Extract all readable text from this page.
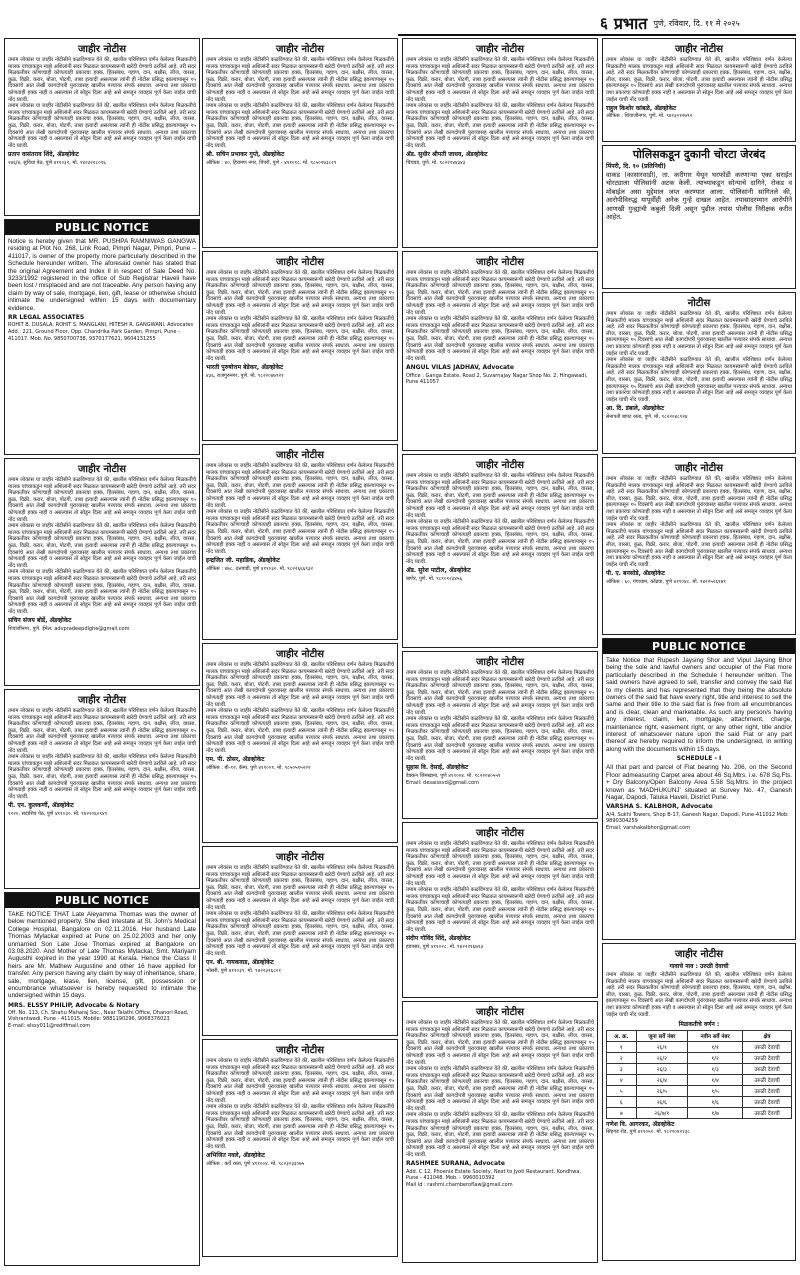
६ प्रभात पुणे, रविवार, दि. ११ मे २०२५
जाहीर नोटीस

तमाम लोकांस या जाहीर नोटीसीने कळविण्यात येते की, खालील परिशिष्टात वर्णन केलेल्या मिळकतीचे मालक यांच्याकडून माझे अशिलांनी सदर मिळकत कायमस्वरूपी खरेदी घेण्याचे ठरविले आहे. तरी सदर मिळकतीवर कोणाचाही कोणत्याही प्रकारचा हक्क, हितसंबंध, गहाण, दान, बक्षीस, लीज, वारसा, कुळ, विक्री, करार, बोजा, पोटगी, ताबा इत्यादी असल्यास त्यांनी ही नोटीस प्रसिद्ध झाल्यापासून १५ दिवसांचे आत लेखी कागदोपत्री पुराव्यासह खालील पत्त्यावर संपर्क साधावा. अन्यथा तशा प्रकारचा कोणताही हक्क नाही व असल्यास तो सोडून दिला आहे असे समजून व्यवहार पूर्ण केला जाईल याची नोंद घ्यावी.

तमाम लोकांस या जाहीर नोटीसीने कळविण्यात येते की, खालील परिशिष्टात वर्णन केलेल्या मिळकतीचे मालक यांच्याकडून माझे अशिलांनी सदर मिळकत कायमस्वरूपी खरेदी घेण्याचे ठरविले आहे. तरी सदर मिळकतीवर कोणाचाही कोणत्याही प्रकारचा हक्क, हितसंबंध, गहाण, दान, बक्षीस, लीज, वारसा, कुळ, विक्री, करार, बोजा, पोटगी, ताबा इत्यादी असल्यास त्यांनी ही नोटीस प्रसिद्ध झाल्यापासून १५ दिवसांचे आत लेखी कागदोपत्री पुराव्यासह खालील पत्त्यावर संपर्क साधावा. अन्यथा तशा प्रकारचा कोणताही हक्क नाही व असल्यास तो सोडून दिला आहे असे समजून व्यवहार पूर्ण केला जाईल याची नोंद घ्यावी.

प्रताप वासंतराव शिंदे, ॲडव्होकेट
२४६/४, सुविधा पेठ, पुणे ४११०३२, मो. ९४२३२२८०१६
PUBLIC NOTICE

Notice is hereby given that MR. PUSHPA RAMNIWAS GANGWA residing at Plot No. 268, Link Road, Pimpri Nagar, Pimpri, Pune – 411017, is owner of the property more particularly described in the Schedule hereunder written. The aforesaid owner has stated that the original Agreement and Index II in respect of Sale Deed No. 3233/1992 registered in the office of Sub Registrar Haveli have been lost / misplaced and are not traceable. Any person having any claim by way of sale, mortgage, lien, gift, lease or otherwise should intimate the undersigned within 15 days with documentary evidence.

RR LEGAL ASSOCIATES
ROHIT B. DUSALA, ROHIT S. MANGLANI, HITESH R. GANGWANI, Advocates
Add.: 221, Ground Floor, Opp. Chandrika Park Garden, Pimpri, Pune - 411017. Mob. No. 9850700738, 9370177621, 9604131255
जाहीर नोटीस

तमाम लोकांस या जाहीर नोटीसीने कळविण्यात येते की, खालील परिशिष्टात वर्णन केलेल्या मिळकतीचे मालक यांच्याकडून माझे अशिलांनी सदर मिळकत कायमस्वरूपी खरेदी घेण्याचे ठरविले आहे. तरी सदर मिळकतीवर कोणाचाही कोणत्याही प्रकारचा हक्क, हितसंबंध, गहाण, दान, बक्षीस, लीज, वारसा, कुळ, विक्री, करार, बोजा, पोटगी, ताबा इत्यादी असल्यास त्यांनी ही नोटीस प्रसिद्ध झाल्यापासून १५ दिवसांचे आत लेखी कागदोपत्री पुराव्यासह खालील पत्त्यावर संपर्क साधावा. अन्यथा तशा प्रकारचा कोणताही हक्क नाही व असल्यास तो सोडून दिला आहे असे समजून व्यवहार पूर्ण केला जाईल याची नोंद घ्यावी.

तमाम लोकांस या जाहीर नोटीसीने कळविण्यात येते की, खालील परिशिष्टात वर्णन केलेल्या मिळकतीचे मालक यांच्याकडून माझे अशिलांनी सदर मिळकत कायमस्वरूपी खरेदी घेण्याचे ठरविले आहे. तरी सदर मिळकतीवर कोणाचाही कोणत्याही प्रकारचा हक्क, हितसंबंध, गहाण, दान, बक्षीस, लीज, वारसा, कुळ, विक्री, करार, बोजा, पोटगी, ताबा इत्यादी असल्यास त्यांनी ही नोटीस प्रसिद्ध झाल्यापासून १५ दिवसांचे आत लेखी कागदोपत्री पुराव्यासह खालील पत्त्यावर संपर्क साधावा. अन्यथा तशा प्रकारचा कोणताही हक्क नाही व असल्यास तो सोडून दिला आहे असे समजून व्यवहार पूर्ण केला जाईल याची नोंद घ्यावी.

तमाम लोकांस या जाहीर नोटीसीने कळविण्यात येते की, खालील परिशिष्टात वर्णन केलेल्या मिळकतीचे मालक यांच्याकडून माझे अशिलांनी सदर मिळकत कायमस्वरूपी खरेदी घेण्याचे ठरविले आहे. तरी सदर मिळकतीवर कोणाचाही कोणत्याही प्रकारचा हक्क, हितसंबंध, गहाण, दान, बक्षीस, लीज, वारसा, कुळ, विक्री, करार, बोजा, पोटगी, ताबा इत्यादी असल्यास त्यांनी ही नोटीस प्रसिद्ध झाल्यापासून १५ दिवसांचे आत लेखी कागदोपत्री पुराव्यासह खालील पत्त्यावर संपर्क साधावा. अन्यथा तशा प्रकारचा कोणताही हक्क नाही व असल्यास तो सोडून दिला आहे असे समजून व्यवहार पूर्ण केला जाईल याची नोंद घ्यावी.

सचिन संजय बोर्डे, ॲडव्होकेट
शिवाजीनगर, पुणे. ईमेल: advpradeepdighe@gmail.com
जाहीर नोटीस

तमाम लोकांस या जाहीर नोटीसीने कळविण्यात येते की, खालील परिशिष्टात वर्णन केलेल्या मिळकतीचे मालक यांच्याकडून माझे अशिलांनी सदर मिळकत कायमस्वरूपी खरेदी घेण्याचे ठरविले आहे. तरी सदर मिळकतीवर कोणाचाही कोणत्याही प्रकारचा हक्क, हितसंबंध, गहाण, दान, बक्षीस, लीज, वारसा, कुळ, विक्री, करार, बोजा, पोटगी, ताबा इत्यादी असल्यास त्यांनी ही नोटीस प्रसिद्ध झाल्यापासून १५ दिवसांचे आत लेखी कागदोपत्री पुराव्यासह खालील पत्त्यावर संपर्क साधावा. अन्यथा तशा प्रकारचा कोणताही हक्क नाही व असल्यास तो सोडून दिला आहे असे समजून व्यवहार पूर्ण केला जाईल याची नोंद घ्यावी.

तमाम लोकांस या जाहीर नोटीसीने कळविण्यात येते की, खालील परिशिष्टात वर्णन केलेल्या मिळकतीचे मालक यांच्याकडून माझे अशिलांनी सदर मिळकत कायमस्वरूपी खरेदी घेण्याचे ठरविले आहे. तरी सदर मिळकतीवर कोणाचाही कोणत्याही प्रकारचा हक्क, हितसंबंध, गहाण, दान, बक्षीस, लीज, वारसा, कुळ, विक्री, करार, बोजा, पोटगी, ताबा इत्यादी असल्यास त्यांनी ही नोटीस प्रसिद्ध झाल्यापासून १५ दिवसांचे आत लेखी कागदोपत्री पुराव्यासह खालील पत्त्यावर संपर्क साधावा. अन्यथा तशा प्रकारचा कोणताही हक्क नाही व असल्यास तो सोडून दिला आहे असे समजून व्यवहार पूर्ण केला जाईल याची नोंद घ्यावी.

पी. एन. कुलकर्णी, ॲडव्होकेट
१२२०, सदाशिव पेठ, पुणे ४११०३०. मो. ९४२२०६०९४९
PUBLIC NOTICE

TAKE NOTICE THAT Late Aleyamma Thomas was the owner of below mentioned property. She died intestate at St. John's Medical College Hospital, Bangalore on 02.11.2016. Her husband Late Thomas Mylackal expired at Pune on 25.02.2003 and her only unmarried Son Late Jose Thomas expired at Bangalore on 03.08.2020. And Mother of Late Thomas Mylackal, Smt. Mariyam Augusthi expired in the year 1990 at Kerala. Hence the Class II heirs are Mr. Mathew Augustine and other 16 have applied for transfer. Any person having any claim by way of inheritance, share, sale, mortgage, lease, lien, license, gift, possession or encumbrance whatsoever is hereby requested to intimate the undersigned within 15 days.

MRS. ELSSY PHILIP, Advocate & Notary
Off. No. 113, Ch. Shahu Maharaj Soc., Near Talathi Office, Dhanori Road, Vishrantwadi, Pune - 411015. Mobile: 9881190296, 9068376023
E-mail: elssy011@rediffmail.com
जाहीर नोटीस

तमाम लोकांस या जाहीर नोटीसीने कळविण्यात येते की, खालील परिशिष्टात वर्णन केलेल्या मिळकतीचे मालक यांच्याकडून माझे अशिलांनी सदर मिळकत कायमस्वरूपी खरेदी घेण्याचे ठरविले आहे. तरी सदर मिळकतीवर कोणाचाही कोणत्याही प्रकारचा हक्क, हितसंबंध, गहाण, दान, बक्षीस, लीज, वारसा, कुळ, विक्री, करार, बोजा, पोटगी, ताबा इत्यादी असल्यास त्यांनी ही नोटीस प्रसिद्ध झाल्यापासून १५ दिवसांचे आत लेखी कागदोपत्री पुराव्यासह खालील पत्त्यावर संपर्क साधावा. अन्यथा तशा प्रकारचा कोणताही हक्क नाही व असल्यास तो सोडून दिला आहे असे समजून व्यवहार पूर्ण केला जाईल याची नोंद घ्यावी.

तमाम लोकांस या जाहीर नोटीसीने कळविण्यात येते की, खालील परिशिष्टात वर्णन केलेल्या मिळकतीचे मालक यांच्याकडून माझे अशिलांनी सदर मिळकत कायमस्वरूपी खरेदी घेण्याचे ठरविले आहे. तरी सदर मिळकतीवर कोणाचाही कोणत्याही प्रकारचा हक्क, हितसंबंध, गहाण, दान, बक्षीस, लीज, वारसा, कुळ, विक्री, करार, बोजा, पोटगी, ताबा इत्यादी असल्यास त्यांनी ही नोटीस प्रसिद्ध झाल्यापासून १५ दिवसांचे आत लेखी कागदोपत्री पुराव्यासह खालील पत्त्यावर संपर्क साधावा. अन्यथा तशा प्रकारचा कोणताही हक्क नाही व असल्यास तो सोडून दिला आहे असे समजून व्यवहार पूर्ण केला जाईल याची नोंद घ्यावी.

श्री. सचिन प्रभाकर गुप्ते, ॲडव्होकेट
ऑफिस : ४०, हिरामण नगर, पिंपरी, पुणे - ४११०१८. मो. ९८५०१७३८२९
जाहीर नोटीस

तमाम लोकांस या जाहीर नोटीसीने कळविण्यात येते की, खालील परिशिष्टात वर्णन केलेल्या मिळकतीचे मालक यांच्याकडून माझे अशिलांनी सदर मिळकत कायमस्वरूपी खरेदी घेण्याचे ठरविले आहे. तरी सदर मिळकतीवर कोणाचाही कोणत्याही प्रकारचा हक्क, हितसंबंध, गहाण, दान, बक्षीस, लीज, वारसा, कुळ, विक्री, करार, बोजा, पोटगी, ताबा इत्यादी असल्यास त्यांनी ही नोटीस प्रसिद्ध झाल्यापासून १५ दिवसांचे आत लेखी कागदोपत्री पुराव्यासह खालील पत्त्यावर संपर्क साधावा. अन्यथा तशा प्रकारचा कोणताही हक्क नाही व असल्यास तो सोडून दिला आहे असे समजून व्यवहार पूर्ण केला जाईल याची नोंद घ्यावी.

तमाम लोकांस या जाहीर नोटीसीने कळविण्यात येते की, खालील परिशिष्टात वर्णन केलेल्या मिळकतीचे मालक यांच्याकडून माझे अशिलांनी सदर मिळकत कायमस्वरूपी खरेदी घेण्याचे ठरविले आहे. तरी सदर मिळकतीवर कोणाचाही कोणत्याही प्रकारचा हक्क, हितसंबंध, गहाण, दान, बक्षीस, लीज, वारसा, कुळ, विक्री, करार, बोजा, पोटगी, ताबा इत्यादी असल्यास त्यांनी ही नोटीस प्रसिद्ध झाल्यापासून १५ दिवसांचे आत लेखी कागदोपत्री पुराव्यासह खालील पत्त्यावर संपर्क साधावा. अन्यथा तशा प्रकारचा कोणताही हक्क नाही व असल्यास तो सोडून दिला आहे असे समजून व्यवहार पूर्ण केला जाईल याची नोंद घ्यावी.

भारती पुरुषोत्तम बेडेकर, ॲडव्होकेट
४३६, राजगुरुनगर, पुणे. मो. ९८२२०४७९२१
जाहीर नोटीस

तमाम लोकांस या जाहीर नोटीसीने कळविण्यात येते की, खालील परिशिष्टात वर्णन केलेल्या मिळकतीचे मालक यांच्याकडून माझे अशिलांनी सदर मिळकत कायमस्वरूपी खरेदी घेण्याचे ठरविले आहे. तरी सदर मिळकतीवर कोणाचाही कोणत्याही प्रकारचा हक्क, हितसंबंध, गहाण, दान, बक्षीस, लीज, वारसा, कुळ, विक्री, करार, बोजा, पोटगी, ताबा इत्यादी असल्यास त्यांनी ही नोटीस प्रसिद्ध झाल्यापासून १५ दिवसांचे आत लेखी कागदोपत्री पुराव्यासह खालील पत्त्यावर संपर्क साधावा. अन्यथा तशा प्रकारचा कोणताही हक्क नाही व असल्यास तो सोडून दिला आहे असे समजून व्यवहार पूर्ण केला जाईल याची नोंद घ्यावी.

तमाम लोकांस या जाहीर नोटीसीने कळविण्यात येते की, खालील परिशिष्टात वर्णन केलेल्या मिळकतीचे मालक यांच्याकडून माझे अशिलांनी सदर मिळकत कायमस्वरूपी खरेदी घेण्याचे ठरविले आहे. तरी सदर मिळकतीवर कोणाचाही कोणत्याही प्रकारचा हक्क, हितसंबंध, गहाण, दान, बक्षीस, लीज, वारसा, कुळ, विक्री, करार, बोजा, पोटगी, ताबा इत्यादी असल्यास त्यांनी ही नोटीस प्रसिद्ध झाल्यापासून १५ दिवसांचे आत लेखी कागदोपत्री पुराव्यासह खालील पत्त्यावर संपर्क साधावा. अन्यथा तशा प्रकारचा कोणताही हक्क नाही व असल्यास तो सोडून दिला आहे असे समजून व्यवहार पूर्ण केला जाईल याची नोंद घ्यावी.

इन्द्रजित जी. महाडिक, ॲडव्होकेट
ऑफिस : ४७८, दत्तवाडी, पुणे ४११०३०. मो. ९८२२६६६९३२
जाहीर नोटीस

तमाम लोकांस या जाहीर नोटीसीने कळविण्यात येते की, खालील परिशिष्टात वर्णन केलेल्या मिळकतीचे मालक यांच्याकडून माझे अशिलांनी सदर मिळकत कायमस्वरूपी खरेदी घेण्याचे ठरविले आहे. तरी सदर मिळकतीवर कोणाचाही कोणत्याही प्रकारचा हक्क, हितसंबंध, गहाण, दान, बक्षीस, लीज, वारसा, कुळ, विक्री, करार, बोजा, पोटगी, ताबा इत्यादी असल्यास त्यांनी ही नोटीस प्रसिद्ध झाल्यापासून १५ दिवसांचे आत लेखी कागदोपत्री पुराव्यासह खालील पत्त्यावर संपर्क साधावा. अन्यथा तशा प्रकारचा कोणताही हक्क नाही व असल्यास तो सोडून दिला आहे असे समजून व्यवहार पूर्ण केला जाईल याची नोंद घ्यावी.

तमाम लोकांस या जाहीर नोटीसीने कळविण्यात येते की, खालील परिशिष्टात वर्णन केलेल्या मिळकतीचे मालक यांच्याकडून माझे अशिलांनी सदर मिळकत कायमस्वरूपी खरेदी घेण्याचे ठरविले आहे. तरी सदर मिळकतीवर कोणाचाही कोणत्याही प्रकारचा हक्क, हितसंबंध, गहाण, दान, बक्षीस, लीज, वारसा, कुळ, विक्री, करार, बोजा, पोटगी, ताबा इत्यादी असल्यास त्यांनी ही नोटीस प्रसिद्ध झाल्यापासून १५ दिवसांचे आत लेखी कागदोपत्री पुराव्यासह खालील पत्त्यावर संपर्क साधावा. अन्यथा तशा प्रकारचा कोणताही हक्क नाही व असल्यास तो सोडून दिला आहे असे समजून व्यवहार पूर्ण केला जाईल याची नोंद घ्यावी.

एम. पी. ठोसर, ॲडव्होकेट
ऑफिस : बी-१२, कॅम्प, पुणे ४११००१. मो. ९८५०५१५२२२
जाहीर नोटीस

तमाम लोकांस या जाहीर नोटीसीने कळविण्यात येते की, खालील परिशिष्टात वर्णन केलेल्या मिळकतीचे मालक यांच्याकडून माझे अशिलांनी सदर मिळकत कायमस्वरूपी खरेदी घेण्याचे ठरविले आहे. तरी सदर मिळकतीवर कोणाचाही कोणत्याही प्रकारचा हक्क, हितसंबंध, गहाण, दान, बक्षीस, लीज, वारसा, कुळ, विक्री, करार, बोजा, पोटगी, ताबा इत्यादी असल्यास त्यांनी ही नोटीस प्रसिद्ध झाल्यापासून १५ दिवसांचे आत लेखी कागदोपत्री पुराव्यासह खालील पत्त्यावर संपर्क साधावा. अन्यथा तशा प्रकारचा कोणताही हक्क नाही व असल्यास तो सोडून दिला आहे असे समजून व्यवहार पूर्ण केला जाईल याची नोंद घ्यावी.

तमाम लोकांस या जाहीर नोटीसीने कळविण्यात येते की, खालील परिशिष्टात वर्णन केलेल्या मिळकतीचे मालक यांच्याकडून माझे अशिलांनी सदर मिळकत कायमस्वरूपी खरेदी घेण्याचे ठरविले आहे. तरी सदर मिळकतीवर कोणाचाही कोणत्याही प्रकारचा हक्क, हितसंबंध, गहाण, दान, बक्षीस, लीज, वारसा, कुळ, विक्री, करार, बोजा, पोटगी, ताबा इत्यादी असल्यास त्यांनी ही नोटीस प्रसिद्ध झाल्यापासून १५ दिवसांचे आत लेखी कागदोपत्री पुराव्यासह खालील पत्त्यावर संपर्क साधावा. अन्यथा तशा प्रकारचा कोणताही हक्क नाही व असल्यास तो सोडून दिला आहे असे समजून व्यवहार पूर्ण केला जाईल याची नोंद घ्यावी.

एन. बी. गायकवाड, ॲडव्होकेट
भोसरी, पुणे ४११०३९. मो. ९४२२३२६८०१
जाहीर नोटीस

तमाम लोकांस या जाहीर नोटीसीने कळविण्यात येते की, खालील परिशिष्टात वर्णन केलेल्या मिळकतीचे मालक यांच्याकडून माझे अशिलांनी सदर मिळकत कायमस्वरूपी खरेदी घेण्याचे ठरविले आहे. तरी सदर मिळकतीवर कोणाचाही कोणत्याही प्रकारचा हक्क, हितसंबंध, गहाण, दान, बक्षीस, लीज, वारसा, कुळ, विक्री, करार, बोजा, पोटगी, ताबा इत्यादी असल्यास त्यांनी ही नोटीस प्रसिद्ध झाल्यापासून १५ दिवसांचे आत लेखी कागदोपत्री पुराव्यासह खालील पत्त्यावर संपर्क साधावा. अन्यथा तशा प्रकारचा कोणताही हक्क नाही व असल्यास तो सोडून दिला आहे असे समजून व्यवहार पूर्ण केला जाईल याची नोंद घ्यावी.

तमाम लोकांस या जाहीर नोटीसीने कळविण्यात येते की, खालील परिशिष्टात वर्णन केलेल्या मिळकतीचे मालक यांच्याकडून माझे अशिलांनी सदर मिळकत कायमस्वरूपी खरेदी घेण्याचे ठरविले आहे. तरी सदर मिळकतीवर कोणाचाही कोणत्याही प्रकारचा हक्क, हितसंबंध, गहाण, दान, बक्षीस, लीज, वारसा, कुळ, विक्री, करार, बोजा, पोटगी, ताबा इत्यादी असल्यास त्यांनी ही नोटीस प्रसिद्ध झाल्यापासून १५ दिवसांचे आत लेखी कागदोपत्री पुराव्यासह खालील पत्त्यावर संपर्क साधावा. अन्यथा तशा प्रकारचा कोणताही हक्क नाही व असल्यास तो सोडून दिला आहे असे समजून व्यवहार पूर्ण केला जाईल याची नोंद घ्यावी.

अभिजित नवले, ॲडव्होकेट
ऑफिस : कर्वे रस्ता, पुणे ४११००४. मो. ९८२३०३३०७५
जाहीर नोटीस

तमाम लोकांस या जाहीर नोटीसीने कळविण्यात येते की, खालील परिशिष्टात वर्णन केलेल्या मिळकतीचे मालक यांच्याकडून माझे अशिलांनी सदर मिळकत कायमस्वरूपी खरेदी घेण्याचे ठरविले आहे. तरी सदर मिळकतीवर कोणाचाही कोणत्याही प्रकारचा हक्क, हितसंबंध, गहाण, दान, बक्षीस, लीज, वारसा, कुळ, विक्री, करार, बोजा, पोटगी, ताबा इत्यादी असल्यास त्यांनी ही नोटीस प्रसिद्ध झाल्यापासून १५ दिवसांचे आत लेखी कागदोपत्री पुराव्यासह खालील पत्त्यावर संपर्क साधावा. अन्यथा तशा प्रकारचा कोणताही हक्क नाही व असल्यास तो सोडून दिला आहे असे समजून व्यवहार पूर्ण केला जाईल याची नोंद घ्यावी.

तमाम लोकांस या जाहीर नोटीसीने कळविण्यात येते की, खालील परिशिष्टात वर्णन केलेल्या मिळकतीचे मालक यांच्याकडून माझे अशिलांनी सदर मिळकत कायमस्वरूपी खरेदी घेण्याचे ठरविले आहे. तरी सदर मिळकतीवर कोणाचाही कोणत्याही प्रकारचा हक्क, हितसंबंध, गहाण, दान, बक्षीस, लीज, वारसा, कुळ, विक्री, करार, बोजा, पोटगी, ताबा इत्यादी असल्यास त्यांनी ही नोटीस प्रसिद्ध झाल्यापासून १५ दिवसांचे आत लेखी कागदोपत्री पुराव्यासह खालील पत्त्यावर संपर्क साधावा. अन्यथा तशा प्रकारचा कोणताही हक्क नाही व असल्यास तो सोडून दिला आहे असे समजून व्यवहार पूर्ण केला जाईल याची नोंद घ्यावी.

ॲड. सुधीर श्रीपती जाधव, ॲडव्होकेट
चिंचवड, पुणे. मो. ९८२२१४४३४३
जाहीर नोटीस

तमाम लोकांस या जाहीर नोटीसीने कळविण्यात येते की, खालील परिशिष्टात वर्णन केलेल्या मिळकतीचे मालक यांच्याकडून माझे अशिलांनी सदर मिळकत कायमस्वरूपी खरेदी घेण्याचे ठरविले आहे. तरी सदर मिळकतीवर कोणाचाही कोणत्याही प्रकारचा हक्क, हितसंबंध, गहाण, दान, बक्षीस, लीज, वारसा, कुळ, विक्री, करार, बोजा, पोटगी, ताबा इत्यादी असल्यास त्यांनी ही नोटीस प्रसिद्ध झाल्यापासून १५ दिवसांचे आत लेखी कागदोपत्री पुराव्यासह खालील पत्त्यावर संपर्क साधावा. अन्यथा तशा प्रकारचा कोणताही हक्क नाही व असल्यास तो सोडून दिला आहे असे समजून व्यवहार पूर्ण केला जाईल याची नोंद घ्यावी.

तमाम लोकांस या जाहीर नोटीसीने कळविण्यात येते की, खालील परिशिष्टात वर्णन केलेल्या मिळकतीचे मालक यांच्याकडून माझे अशिलांनी सदर मिळकत कायमस्वरूपी खरेदी घेण्याचे ठरविले आहे. तरी सदर मिळकतीवर कोणाचाही कोणत्याही प्रकारचा हक्क, हितसंबंध, गहाण, दान, बक्षीस, लीज, वारसा, कुळ, विक्री, करार, बोजा, पोटगी, ताबा इत्यादी असल्यास त्यांनी ही नोटीस प्रसिद्ध झाल्यापासून १५ दिवसांचे आत लेखी कागदोपत्री पुराव्यासह खालील पत्त्यावर संपर्क साधावा. अन्यथा तशा प्रकारचा कोणताही हक्क नाही व असल्यास तो सोडून दिला आहे असे समजून व्यवहार पूर्ण केला जाईल याची नोंद घ्यावी.

ANGUL VILAS JADHAV, Advocate
Office : Ganga Estate, Road 2, Suvarnajay Nagar Shop No. 2, Hingawadi, Pune 411057
जाहीर नोटीस

तमाम लोकांस या जाहीर नोटीसीने कळविण्यात येते की, खालील परिशिष्टात वर्णन केलेल्या मिळकतीचे मालक यांच्याकडून माझे अशिलांनी सदर मिळकत कायमस्वरूपी खरेदी घेण्याचे ठरविले आहे. तरी सदर मिळकतीवर कोणाचाही कोणत्याही प्रकारचा हक्क, हितसंबंध, गहाण, दान, बक्षीस, लीज, वारसा, कुळ, विक्री, करार, बोजा, पोटगी, ताबा इत्यादी असल्यास त्यांनी ही नोटीस प्रसिद्ध झाल्यापासून १५ दिवसांचे आत लेखी कागदोपत्री पुराव्यासह खालील पत्त्यावर संपर्क साधावा. अन्यथा तशा प्रकारचा कोणताही हक्क नाही व असल्यास तो सोडून दिला आहे असे समजून व्यवहार पूर्ण केला जाईल याची नोंद घ्यावी.

तमाम लोकांस या जाहीर नोटीसीने कळविण्यात येते की, खालील परिशिष्टात वर्णन केलेल्या मिळकतीचे मालक यांच्याकडून माझे अशिलांनी सदर मिळकत कायमस्वरूपी खरेदी घेण्याचे ठरविले आहे. तरी सदर मिळकतीवर कोणाचाही कोणत्याही प्रकारचा हक्क, हितसंबंध, गहाण, दान, बक्षीस, लीज, वारसा, कुळ, विक्री, करार, बोजा, पोटगी, ताबा इत्यादी असल्यास त्यांनी ही नोटीस प्रसिद्ध झाल्यापासून १५ दिवसांचे आत लेखी कागदोपत्री पुराव्यासह खालील पत्त्यावर संपर्क साधावा. अन्यथा तशा प्रकारचा कोणताही हक्क नाही व असल्यास तो सोडून दिला आहे असे समजून व्यवहार पूर्ण केला जाईल याची नोंद घ्यावी.

ॲड. सुरेश पाटील, ॲडव्होकेट
बाणेर, पुणे. मो. ९८९०१२३४५६
जाहीर नोटीस

तमाम लोकांस या जाहीर नोटीसीने कळविण्यात येते की, खालील परिशिष्टात वर्णन केलेल्या मिळकतीचे मालक यांच्याकडून माझे अशिलांनी सदर मिळकत कायमस्वरूपी खरेदी घेण्याचे ठरविले आहे. तरी सदर मिळकतीवर कोणाचाही कोणत्याही प्रकारचा हक्क, हितसंबंध, गहाण, दान, बक्षीस, लीज, वारसा, कुळ, विक्री, करार, बोजा, पोटगी, ताबा इत्यादी असल्यास त्यांनी ही नोटीस प्रसिद्ध झाल्यापासून १५ दिवसांचे आत लेखी कागदोपत्री पुराव्यासह खालील पत्त्यावर संपर्क साधावा. अन्यथा तशा प्रकारचा कोणताही हक्क नाही व असल्यास तो सोडून दिला आहे असे समजून व्यवहार पूर्ण केला जाईल याची नोंद घ्यावी.

तमाम लोकांस या जाहीर नोटीसीने कळविण्यात येते की, खालील परिशिष्टात वर्णन केलेल्या मिळकतीचे मालक यांच्याकडून माझे अशिलांनी सदर मिळकत कायमस्वरूपी खरेदी घेण्याचे ठरविले आहे. तरी सदर मिळकतीवर कोणाचाही कोणत्याही प्रकारचा हक्क, हितसंबंध, गहाण, दान, बक्षीस, लीज, वारसा, कुळ, विक्री, करार, बोजा, पोटगी, ताबा इत्यादी असल्यास त्यांनी ही नोटीस प्रसिद्ध झाल्यापासून १५ दिवसांचे आत लेखी कागदोपत्री पुराव्यासह खालील पत्त्यावर संपर्क साधावा. अन्यथा तशा प्रकारचा कोणताही हक्क नाही व असल्यास तो सोडून दिला आहे असे समजून व्यवहार पूर्ण केला जाईल याची नोंद घ्यावी.

सुहास वि. देसाई, ॲडव्होकेट
डेक्कन जिमखाना, पुणे ४११००४. मो. ९८२२०४०५५९
Email: desaissvd@gmail.com
जाहीर नोटीस

तमाम लोकांस या जाहीर नोटीसीने कळविण्यात येते की, खालील परिशिष्टात वर्णन केलेल्या मिळकतीचे मालक यांच्याकडून माझे अशिलांनी सदर मिळकत कायमस्वरूपी खरेदी घेण्याचे ठरविले आहे. तरी सदर मिळकतीवर कोणाचाही कोणत्याही प्रकारचा हक्क, हितसंबंध, गहाण, दान, बक्षीस, लीज, वारसा, कुळ, विक्री, करार, बोजा, पोटगी, ताबा इत्यादी असल्यास त्यांनी ही नोटीस प्रसिद्ध झाल्यापासून १५ दिवसांचे आत लेखी कागदोपत्री पुराव्यासह खालील पत्त्यावर संपर्क साधावा. अन्यथा तशा प्रकारचा कोणताही हक्क नाही व असल्यास तो सोडून दिला आहे असे समजून व्यवहार पूर्ण केला जाईल याची नोंद घ्यावी.

तमाम लोकांस या जाहीर नोटीसीने कळविण्यात येते की, खालील परिशिष्टात वर्णन केलेल्या मिळकतीचे मालक यांच्याकडून माझे अशिलांनी सदर मिळकत कायमस्वरूपी खरेदी घेण्याचे ठरविले आहे. तरी सदर मिळकतीवर कोणाचाही कोणत्याही प्रकारचा हक्क, हितसंबंध, गहाण, दान, बक्षीस, लीज, वारसा, कुळ, विक्री, करार, बोजा, पोटगी, ताबा इत्यादी असल्यास त्यांनी ही नोटीस प्रसिद्ध झाल्यापासून १५ दिवसांचे आत लेखी कागदोपत्री पुराव्यासह खालील पत्त्यावर संपर्क साधावा. अन्यथा तशा प्रकारचा कोणताही हक्क नाही व असल्यास तो सोडून दिला आहे असे समजून व्यवहार पूर्ण केला जाईल याची नोंद घ्यावी.

संदीप गोविंद शिंदे, ॲडव्होकेट
हडपसर, पुणे ४११०२८. मो. ९४२२२१६७१३
जाहीर नोटीस

तमाम लोकांस या जाहीर नोटीसीने कळविण्यात येते की, खालील परिशिष्टात वर्णन केलेल्या मिळकतीचे मालक यांच्याकडून माझे अशिलांनी सदर मिळकत कायमस्वरूपी खरेदी घेण्याचे ठरविले आहे. तरी सदर मिळकतीवर कोणाचाही कोणत्याही प्रकारचा हक्क, हितसंबंध, गहाण, दान, बक्षीस, लीज, वारसा, कुळ, विक्री, करार, बोजा, पोटगी, ताबा इत्यादी असल्यास त्यांनी ही नोटीस प्रसिद्ध झाल्यापासून १५ दिवसांचे आत लेखी कागदोपत्री पुराव्यासह खालील पत्त्यावर संपर्क साधावा. अन्यथा तशा प्रकारचा कोणताही हक्क नाही व असल्यास तो सोडून दिला आहे असे समजून व्यवहार पूर्ण केला जाईल याची नोंद घ्यावी.

तमाम लोकांस या जाहीर नोटीसीने कळविण्यात येते की, खालील परिशिष्टात वर्णन केलेल्या मिळकतीचे मालक यांच्याकडून माझे अशिलांनी सदर मिळकत कायमस्वरूपी खरेदी घेण्याचे ठरविले आहे. तरी सदर मिळकतीवर कोणाचाही कोणत्याही प्रकारचा हक्क, हितसंबंध, गहाण, दान, बक्षीस, लीज, वारसा, कुळ, विक्री, करार, बोजा, पोटगी, ताबा इत्यादी असल्यास त्यांनी ही नोटीस प्रसिद्ध झाल्यापासून १५ दिवसांचे आत लेखी कागदोपत्री पुराव्यासह खालील पत्त्यावर संपर्क साधावा. अन्यथा तशा प्रकारचा कोणताही हक्क नाही व असल्यास तो सोडून दिला आहे असे समजून व्यवहार पूर्ण केला जाईल याची नोंद घ्यावी.

तमाम लोकांस या जाहीर नोटीसीने कळविण्यात येते की, खालील परिशिष्टात वर्णन केलेल्या मिळकतीचे मालक यांच्याकडून माझे अशिलांनी सदर मिळकत कायमस्वरूपी खरेदी घेण्याचे ठरविले आहे. तरी सदर मिळकतीवर कोणाचाही कोणत्याही प्रकारचा हक्क, हितसंबंध, गहाण, दान, बक्षीस, लीज, वारसा, कुळ, विक्री, करार, बोजा, पोटगी, ताबा इत्यादी असल्यास त्यांनी ही नोटीस प्रसिद्ध झाल्यापासून १५ दिवसांचे आत लेखी कागदोपत्री पुराव्यासह खालील पत्त्यावर संपर्क साधावा. अन्यथा तशा प्रकारचा कोणताही हक्क नाही व असल्यास तो सोडून दिला आहे असे समजून व्यवहार पूर्ण केला जाईल याची नोंद घ्यावी.

RASHMEE SURANA, Advocate
Add. C 12, Phoenix Estate Society, Next to Jyoti Restaurant, Kondhwa, Pune - 411048. Mob. - 9960010392
Mail Id : rashmi.chamberoflaw@gmail.com
जाहीर नोटीस

तमाम लोकांस या जाहीर नोटीसीने कळविण्यात येते की, खालील परिशिष्टात वर्णन केलेल्या मिळकतीचे मालक यांच्याकडून माझे अशिलांनी सदर मिळकत कायमस्वरूपी खरेदी घेण्याचे ठरविले आहे. तरी सदर मिळकतीवर कोणाचाही कोणत्याही प्रकारचा हक्क, हितसंबंध, गहाण, दान, बक्षीस, लीज, वारसा, कुळ, विक्री, करार, बोजा, पोटगी, ताबा इत्यादी असल्यास त्यांनी ही नोटीस प्रसिद्ध झाल्यापासून १५ दिवसांचे आत लेखी कागदोपत्री पुराव्यासह खालील पत्त्यावर संपर्क साधावा. अन्यथा तशा प्रकारचा कोणताही हक्क नाही व असल्यास तो सोडून दिला आहे असे समजून व्यवहार पूर्ण केला जाईल याची नोंद घ्यावी.

राहुल किशोर कांबळे, ॲडव्होकेट
ऑफिस : शिवाजीनगर, पुणे. मो. ९४२३०१२७९२
पोलिसकडून दुकानी चोरटा जेरबंद

पिंपरी, दि. १० (प्रतिनिधी)

वाकड (कासारवाडी), ता. करीगार येथून घरफोडी करणाऱ्या एका सराईत चोरट्याला पोलिसांनी अटक केली. त्याच्याकडून सोन्याचे दागिने, रोकड व मोबाईल असा मुद्देमाल जप्त करण्यात आला. पोलिसांनी सांगितले की, आरोपीविरुद्ध यापूर्वीही अनेक गुन्हे दाखल आहेत. तपासादरम्यान आरोपीने आणखी गुन्ह्यांची कबुली दिली असून पुढील तपास पोलीस निरीक्षक करीत आहेत.

नोटीस

तमाम लोकांस या जाहीर नोटीसीने कळविण्यात येते की, खालील परिशिष्टात वर्णन केलेल्या मिळकतीचे मालक यांच्याकडून माझे अशिलांनी सदर मिळकत कायमस्वरूपी खरेदी घेण्याचे ठरविले आहे. तरी सदर मिळकतीवर कोणाचाही कोणत्याही प्रकारचा हक्क, हितसंबंध, गहाण, दान, बक्षीस, लीज, वारसा, कुळ, विक्री, करार, बोजा, पोटगी, ताबा इत्यादी असल्यास त्यांनी ही नोटीस प्रसिद्ध झाल्यापासून १५ दिवसांचे आत लेखी कागदोपत्री पुराव्यासह खालील पत्त्यावर संपर्क साधावा. अन्यथा तशा प्रकारचा कोणताही हक्क नाही व असल्यास तो सोडून दिला आहे असे समजून व्यवहार पूर्ण केला जाईल याची नोंद घ्यावी.

तमाम लोकांस या जाहीर नोटीसीने कळविण्यात येते की, खालील परिशिष्टात वर्णन केलेल्या मिळकतीचे मालक यांच्याकडून माझे अशिलांनी सदर मिळकत कायमस्वरूपी खरेदी घेण्याचे ठरविले आहे. तरी सदर मिळकतीवर कोणाचाही कोणत्याही प्रकारचा हक्क, हितसंबंध, गहाण, दान, बक्षीस, लीज, वारसा, कुळ, विक्री, करार, बोजा, पोटगी, ताबा इत्यादी असल्यास त्यांनी ही नोटीस प्रसिद्ध झाल्यापासून १५ दिवसांचे आत लेखी कागदोपत्री पुराव्यासह खालील पत्त्यावर संपर्क साधावा. अन्यथा तशा प्रकारचा कोणताही हक्क नाही व असल्यास तो सोडून दिला आहे असे समजून व्यवहार पूर्ण केला जाईल याची नोंद घ्यावी.

आ. दि. डंबाले, ॲडव्होकेट
सेनापती बापट रस्ता, पुणे. मो. ९८२२०४८१२४
जाहीर नोटीस

तमाम लोकांस या जाहीर नोटीसीने कळविण्यात येते की, खालील परिशिष्टात वर्णन केलेल्या मिळकतीचे मालक यांच्याकडून माझे अशिलांनी सदर मिळकत कायमस्वरूपी खरेदी घेण्याचे ठरविले आहे. तरी सदर मिळकतीवर कोणाचाही कोणत्याही प्रकारचा हक्क, हितसंबंध, गहाण, दान, बक्षीस, लीज, वारसा, कुळ, विक्री, करार, बोजा, पोटगी, ताबा इत्यादी असल्यास त्यांनी ही नोटीस प्रसिद्ध झाल्यापासून १५ दिवसांचे आत लेखी कागदोपत्री पुराव्यासह खालील पत्त्यावर संपर्क साधावा. अन्यथा तशा प्रकारचा कोणताही हक्क नाही व असल्यास तो सोडून दिला आहे असे समजून व्यवहार पूर्ण केला जाईल याची नोंद घ्यावी.

तमाम लोकांस या जाहीर नोटीसीने कळविण्यात येते की, खालील परिशिष्टात वर्णन केलेल्या मिळकतीचे मालक यांच्याकडून माझे अशिलांनी सदर मिळकत कायमस्वरूपी खरेदी घेण्याचे ठरविले आहे. तरी सदर मिळकतीवर कोणाचाही कोणत्याही प्रकारचा हक्क, हितसंबंध, गहाण, दान, बक्षीस, लीज, वारसा, कुळ, विक्री, करार, बोजा, पोटगी, ताबा इत्यादी असल्यास त्यांनी ही नोटीस प्रसिद्ध झाल्यापासून १५ दिवसांचे आत लेखी कागदोपत्री पुराव्यासह खालील पत्त्यावर संपर्क साधावा. अन्यथा तशा प्रकारचा कोणताही हक्क नाही व असल्यास तो सोडून दिला आहे असे समजून व्यवहार पूर्ण केला जाईल याची नोंद घ्यावी.

पी. ए. बनसोडे, ॲडव्होकेट
ऑफिस : ६०, गंगाधाम, कोंढवा, पुणे ४११०४८. मो. ९४२२५२६१७९
PUBLIC NOTICE

Take Notice that Rupesh Jaysing Shor and Vipul Jaysing Bhor being the sole and lawful owners and occupier of the Flat more particularly described in the Schedule I hereunder written. The said owners have agreed to sell, transfer and convey the said flat to my clients and has represented that they being the absolute owners of the said flat have every right, title and interest to sell the same and their title to the said flat is free from all encumbrances and is clear, clean and marketable. As such any person/s having any interest, claim, lien, mortgage, attachment, charge, maintenance right, easement right, or any other right, title and/or interest of whatsoever nature upon the said Flat or any part thereof are hereby required to inform the undersigned, in writing along with the documents within 15 days.

SCHEDULE - I

All that part and parcel of Flat bearing No. 206, on the Second Floor admeasuring Carpet area about 46 Sq.Mtrs. i.e. 678 Sq.Fts. + Dry Balcony/Open Balcony Area 5.58 Sq.Mtrs. in the project known as 'MADHUKUNJ' situated at Survey No. 47, Ganesh Nagar, Dapodi, Taluka Haveli, District Pune.

VARSHA S. KALBHOR, Advocate
A/4, Sukhi Towers, Shop B-17, Ganesh Nagar, Dapodi, Pune-411012 Mob. 9890304259
Email: varshakalbhor@gmail.com
जाहीर नोटीस
गावाचे नाव : उरुळी देवाची

तमाम लोकांस या जाहीर नोटीसीने कळविण्यात येते की, खालील परिशिष्टात वर्णन केलेल्या मिळकतीचे मालक यांच्याकडून माझे अशिलांनी सदर मिळकत कायमस्वरूपी खरेदी घेण्याचे ठरविले आहे. तरी सदर मिळकतीवर कोणाचाही कोणत्याही प्रकारचा हक्क, हितसंबंध, गहाण, दान, बक्षीस, लीज, वारसा, कुळ, विक्री, करार, बोजा, पोटगी, ताबा इत्यादी असल्यास त्यांनी ही नोटीस प्रसिद्ध झाल्यापासून १५ दिवसांचे आत लेखी कागदोपत्री पुराव्यासह खालील पत्त्यावर संपर्क साधावा. अन्यथा तशा प्रकारचा कोणताही हक्क नाही व असल्यास तो सोडून दिला आहे असे समजून व्यवहार पूर्ण केला जाईल याची नोंद घ्यावी.

मिळकतीचे वर्णन :
अ. क्र.	जुना सर्वे नंबर	नवीन सर्वे नंबर	क्षेत्र
१	२६/१	१/१	उरुळी देवाची
२	२६/२	१/२	उरुळी देवाची
३	२६/३	१/३	उरुळी देवाची
४	२६/४	१/४	उरुळी देवाची
५	२६/५	१/५	उरुळी देवाची
६	२६/६	१/६	उरुळी देवाची
७	२६/७/१	१/७	उरुळी देवाची
गणेश वि. आगरकर, ॲडव्होकेट
सिंहगड रोड, पुणे ४११०५१. मो. ९८२२०४२१३८
